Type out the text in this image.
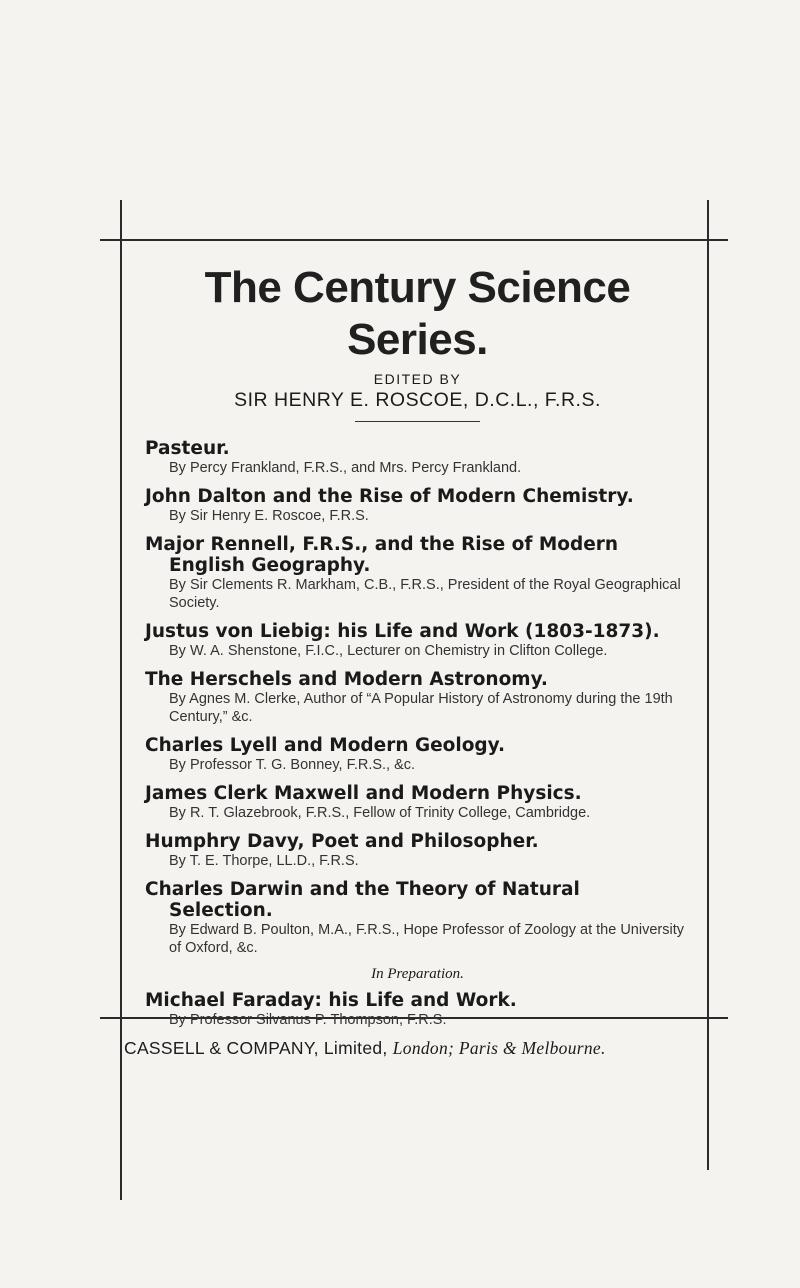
The Century Science Series.
EDITED BY
SIR HENRY E. ROSCOE, D.C.L., F.R.S.
Pasteur.
By Percy Frankland, F.R.S., and Mrs. Percy Frankland.
John Dalton and the Rise of Modern Chemistry.
By Sir Henry E. Roscoe, F.R.S.
Major Rennell, F.R.S., and the Rise of Modern English Geography.
By Sir Clements R. Markham, C.B., F.R.S., President of the Royal Geographical Society.
Justus von Liebig: his Life and Work (1803-1873).
By W. A. Shenstone, F.I.C., Lecturer on Chemistry in Clifton College.
The Herschels and Modern Astronomy.
By Agnes M. Clerke, Author of “A Popular History of Astronomy during the 19th Century,” &c.
Charles Lyell and Modern Geology.
By Professor T. G. Bonney, F.R.S., &c.
James Clerk Maxwell and Modern Physics.
By R. T. Glazebrook, F.R.S., Fellow of Trinity College, Cambridge.
Humphry Davy, Poet and Philosopher.
By T. E. Thorpe, LL.D., F.R.S.
Charles Darwin and the Theory of Natural Selection.
By Edward B. Poulton, M.A., F.R.S., Hope Professor of Zoology at the University of Oxford, &c.
In Preparation.
Michael Faraday: his Life and Work.
By Professor Silvanus P. Thompson, F.R.S.
CASSELL & COMPANY, Limited, London; Paris & Melbourne.
